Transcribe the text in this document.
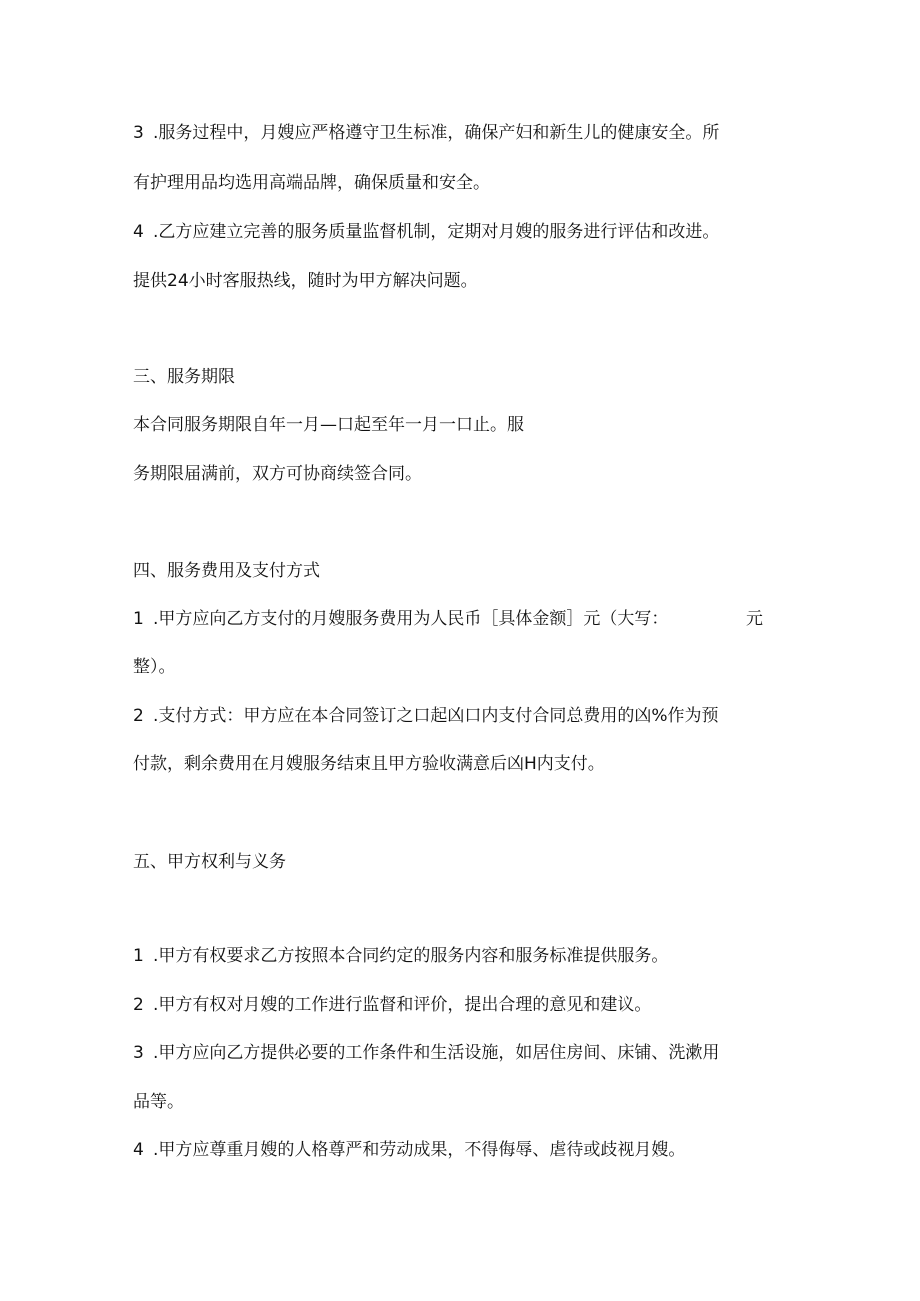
3 .服务过程中，月嫂应严格遵守卫生标准，确保产妇和新生儿的健康安全。所
有护理用品均选用高端品牌，确保质量和安全。
4 .乙方应建立完善的服务质量监督机制，定期对月嫂的服务进行评估和改进。
提供24小时客服热线，随时为甲方解决问题。
三、服务期限
本合同服务期限自年一月—口起至年一月一口止。服
务期限届满前，双方可协商续签合同。
四、服务费用及支付方式
1 .甲方应向乙方支付的月嫂服务费用为人民币［具体金额］元（大写：	元
整）。
2 .支付方式：甲方应在本合同签订之口起凶口内支付合同总费用的凶%作为预
付款，剩余费用在月嫂服务结束且甲方验收满意后凶H内支付。
五、甲方权利与义务
1 .甲方有权要求乙方按照本合同约定的服务内容和服务标准提供服务。
2 .甲方有权对月嫂的工作进行监督和评价，提出合理的意见和建议。
3 .甲方应向乙方提供必要的工作条件和生活设施，如居住房间、床铺、洗漱用
品等。
4 .甲方应尊重月嫂的人格尊严和劳动成果，不得侮辱、虐待或歧视月嫂。
